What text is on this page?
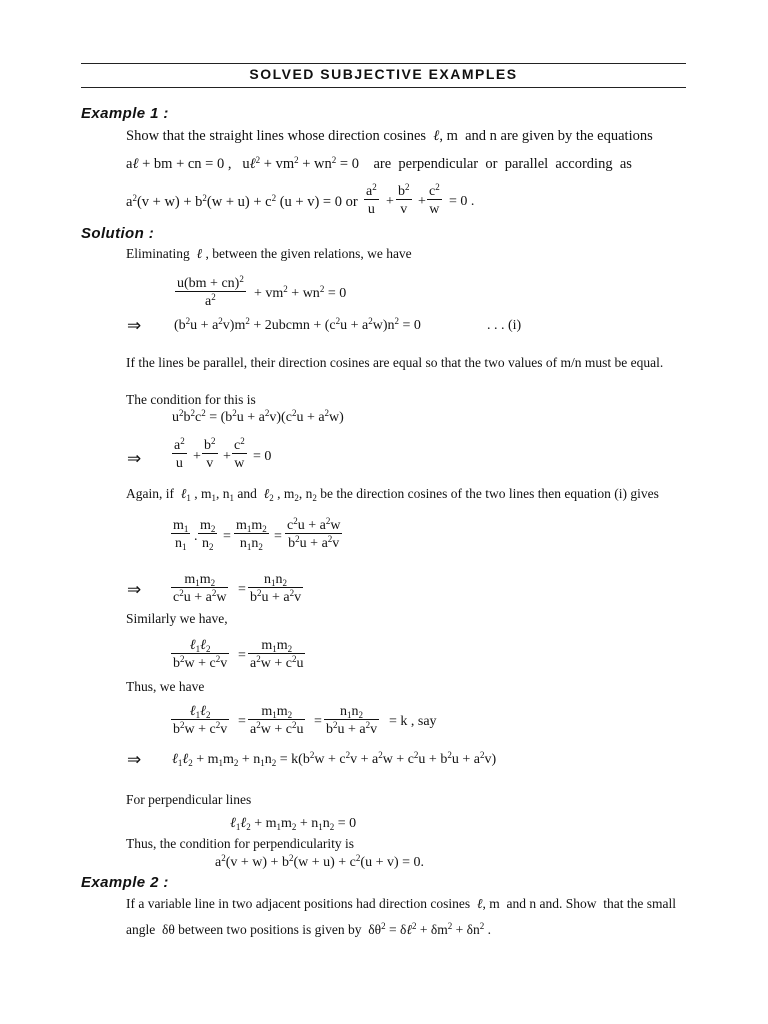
SOLVED SUBJECTIVE EXAMPLES
Example 1 :
Show that the straight lines whose direction cosines  ℓ, m  and n are given by the equations
aℓ + bm + cn = 0 ,   uℓ$^2$ + $vm^2 + wn^2 = 0$    are  perpendicular  or  parallel  according  as
$a^2(v + w) + b^2(w + u) + c^2$ (u + v) = 0 or $\frac{a^2}{u} + \frac{b^2}{v} + \frac{c^2}{w} = 0$ .
Solution :
Eliminating  ℓ , between the given relations, we have
$\frac{u(bm + cn)^2}{a^2} + vm^2 + wn^2 = 0$
⇒ $(b^2u + a^2v)m^2$ + 2ubcmn + $(c^2u + a^2w)n^2 = 0$	. . . (i)
If the lines be parallel, their direction cosines are equal so that the two values of m/n must be equal.
The condition for this is
$u^2b^2c^2 = (b^2u + a^2v)(c^2u + a^2w)$
⇒ $\frac{a^2}{u} + \frac{b^2}{v} + \frac{c^2}{w} = 0$
Again, if  ℓ$_1$ , $m_1$, $n_1$ and  ℓ$_2$ , $m_2$, $n_2$ be the direction cosines of the two lines then equation (i) gives
$\frac{m_1}{n_1}$ . $\frac{m_2}{n_2} = \frac{m_1m_2}{n_1n_2} = \frac{c^2u + a^2w}{b^2u + a^2v}$
⇒ $\frac{m_1m_2}{c^2u + a^2w} = \frac{n_1n_2}{b^2u + a^2v}$
Similarly we have,
ℓ$_1$ℓ$_2$
$b^2w + c^2v$
= $\frac{m_1m_2}{a^2w + c^2u}$
Thus, we have
ℓ$_1$ℓ$_2$
$b^2w + c^2v$
= $\frac{m_1m_2}{a^2w + c^2u} = \frac{n_1n_2}{b^2u + a^2v} = k$ , say
⇒ ℓ$_1$ℓ$_2$ + $m_1m_2 + n_1n_2 = k(b^2w + c^2v + a^2w + c^2u + b^2u + a^2v)$
For perpendicular lines
ℓ$_1$ℓ$_2$ + $m_1m_2 + n_1n_2 = 0$
Thus, the condition for perpendicularity is
$a^2(v + w) + b^2(w + u) + c^2(u + v) = 0$.
Example 2 :
If a variable line in two adjacent positions had direction cosines  ℓ, m  and n and. Show  that the small
angle  δθ between two positions is given by  $\delta\theta^2$ = δℓ$^2$ + $\delta m^2 + \delta n^2$ .
